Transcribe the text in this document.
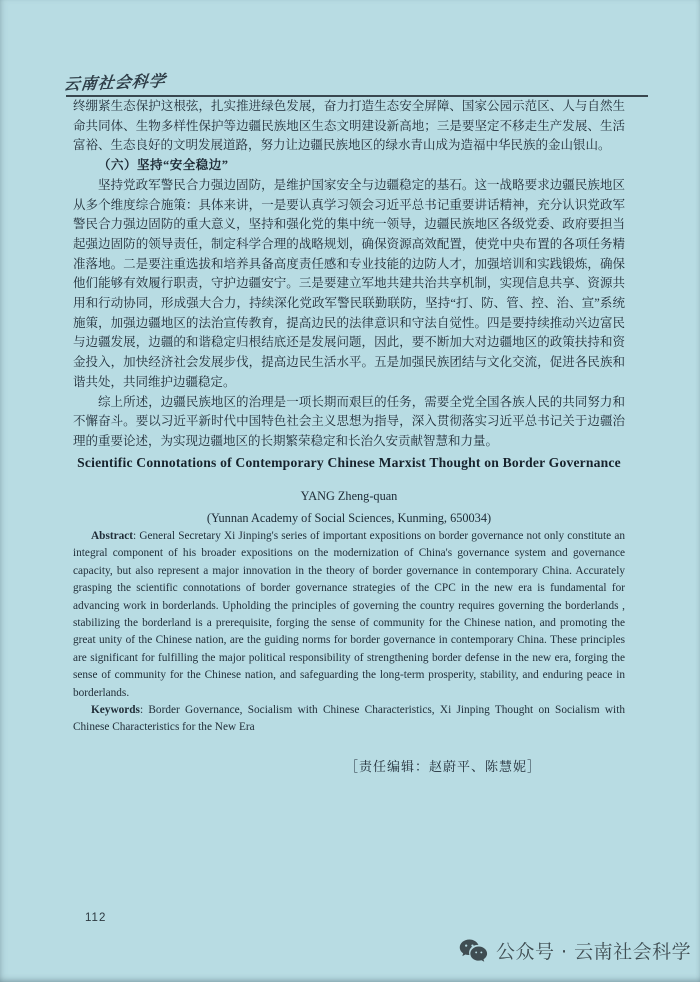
云南社会科学

终绷紧生态保护这根弦，扎实推进绿色发展，奋力打造生态安全屏障、国家公园示范区、人与自然生命共同体、生物多样性保护等边疆民族地区生态文明建设新高地；三是要坚定不移走生产发展、生活富裕、生态良好的文明发展道路，努力让边疆民族地区的绿水青山成为造福中华民族的金山银山。

（六）坚持“安全稳边”

坚持党政军警民合力强边固防，是维护国家安全与边疆稳定的基石。这一战略要求边疆民族地区从多个维度综合施策：具体来讲，一是要认真学习领会习近平总书记重要讲话精神，充分认识党政军警民合力强边固防的重大意义，坚持和强化党的集中统一领导，边疆民族地区各级党委、政府要担当起强边固防的领导责任，制定科学合理的战略规划，确保资源高效配置，使党中央布置的各项任务精准落地。二是要注重选拔和培养具备高度责任感和专业技能的边防人才，加强培训和实践锻炼，确保他们能够有效履行职责，守护边疆安宁。三是要建立军地共建共治共享机制，实现信息共享、资源共用和行动协同，形成强大合力，持续深化党政军警民联勤联防，坚持“打、防、管、控、治、宣”系统施策，加强边疆地区的法治宣传教育，提高边民的法律意识和守法自觉性。四是要持续推动兴边富民与边疆发展，边疆的和谐稳定归根结底还是发展问题，因此，要不断加大对边疆地区的政策扶持和资金投入，加快经济社会发展步伐，提高边民生活水平。五是加强民族团结与文化交流，促进各民族和谐共处，共同维护边疆稳定。

综上所述，边疆民族地区的治理是一项长期而艰巨的任务，需要全党全国各族人民的共同努力和不懈奋斗。要以习近平新时代中国特色社会主义思想为指导，深入贯彻落实习近平总书记关于边疆治理的重要论述，为实现边疆地区的长期繁荣稳定和长治久安贡献智慧和力量。

Scientific Connotations of Contemporary Chinese Marxist Thought on Border Governance
YANG Zheng-quan
(Yunnan Academy of Social Sciences, Kunming, 650034)

Abstract: General Secretary Xi Jinping's series of important expositions on border governance not only constitute an integral component of his broader expositions on the modernization of China's governance system and governance capacity, but also represent a major innovation in the theory of border governance in contemporary China. Accurately grasping the scientific connotations of border governance strategies of the CPC in the new era is fundamental for advancing work in borderlands. Upholding the principles of governing the country requires governing the borderlands , stabilizing the borderland is a prerequisite, forging the sense of community for the Chinese nation, and promoting the great unity of the Chinese nation, are the guiding norms for border governance in contemporary China. These principles are significant for fulfilling the major political responsibility of strengthening border defense in the new era, forging the sense of community for the Chinese nation, and safeguarding the long-term prosperity, stability, and enduring peace in borderlands.

Keywords: Border Governance, Socialism with Chinese Characteristics, Xi Jinping Thought on Socialism with Chinese Characteristics for the New Era

［责任编辑：赵蔚平、陈慧妮］
112
公众号 · 云南社会科学
